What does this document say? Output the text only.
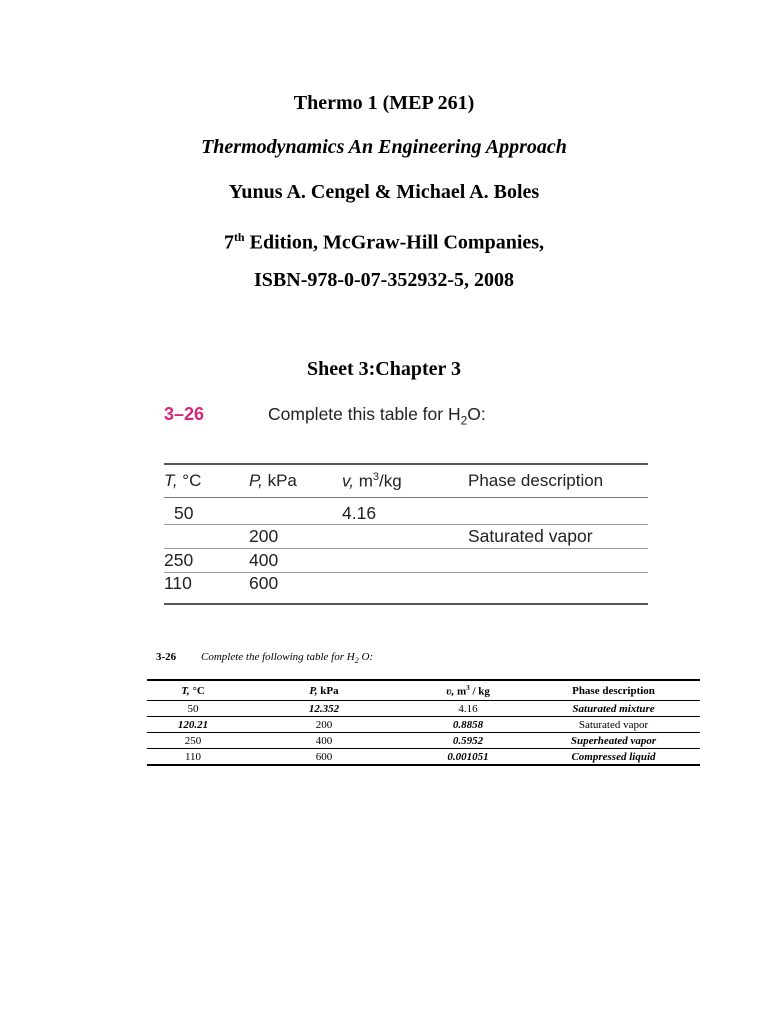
Thermo 1 (MEP 261)
Thermodynamics An Engineering Approach
Yunus A. Cengel & Michael A. Boles
7th Edition, McGraw-Hill Companies,
ISBN-978-0-07-352932-5, 2008
Sheet 3:Chapter 3
3–26	Complete this table for $H_2O$:
T, °C	P, kPa	v, $m^3/kg$	Phase description
50		4.16	
	200		Saturated vapor
250	400		
110	600		
3-26 Complete the following table for $H_2$ O:
T, °C	P, kPa	ʋ, $m^3$ / kg	Phase description
50	12.352	4.16	Saturated mixture
120.21	200	0.8858	Saturated vapor
250	400	0.5952	Superheated vapor
110	600	0.001051	Compressed liquid
